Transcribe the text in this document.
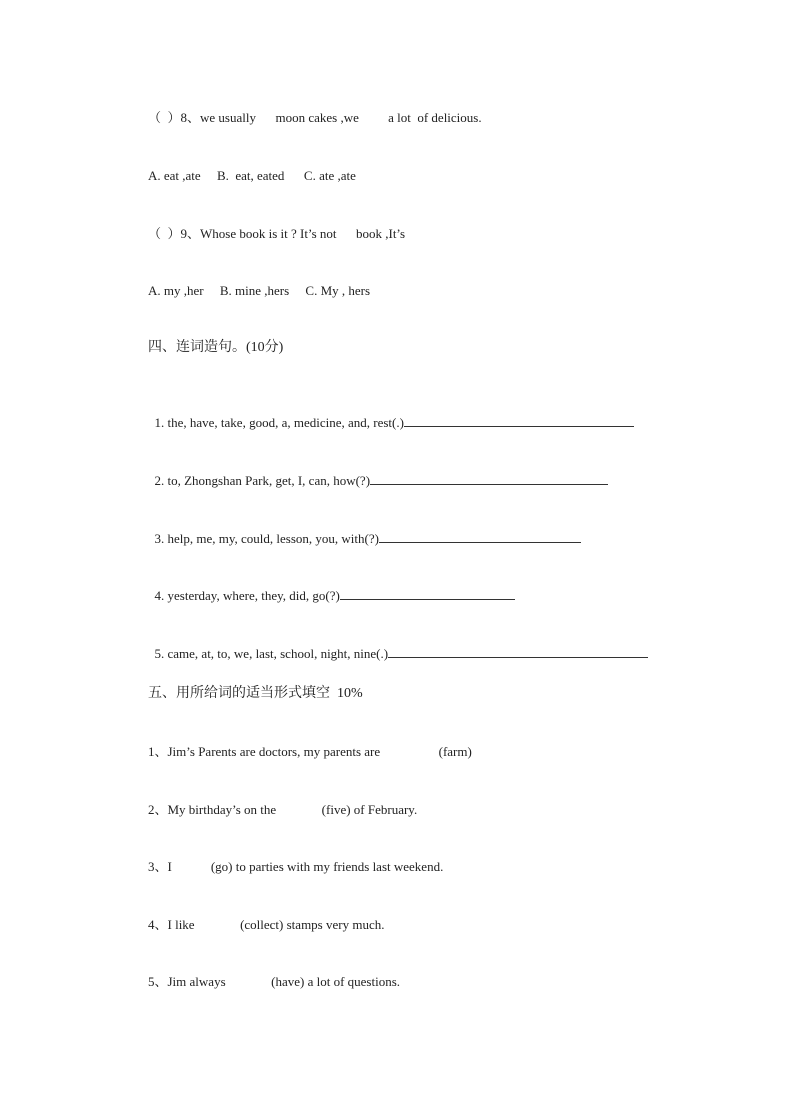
（  ）8、we usually      moon cakes ,we         a lot  of delicious.
A. eat ,ate     B.  eat, eated      C. ate ,ate
（  ）9、Whose book is it ? It’s not      book ,It’s
A. my ,her     B. mine ,hers     C. My , hers
四、连词造句。(10分)

1. the, have, take, good, a, medicine, and, rest(.)

2. to, Zhongshan Park, get, I, can, how(?)

3. help, me, my, could, lesson, you, with(?)

4. yesterday, where, they, did, go(?)

5. came, at, to, we, last, school, night, nine(.)

五、用所给词的适当形式填空  10%
1、Jim’s Parents are doctors, my parents are                  (farm)
2、My birthday’s on the              (five) of February.
3、I            (go) to parties with my friends last weekend.
4、I like              (collect) stamps very much.
5、Jim always              (have) a lot of questions.
